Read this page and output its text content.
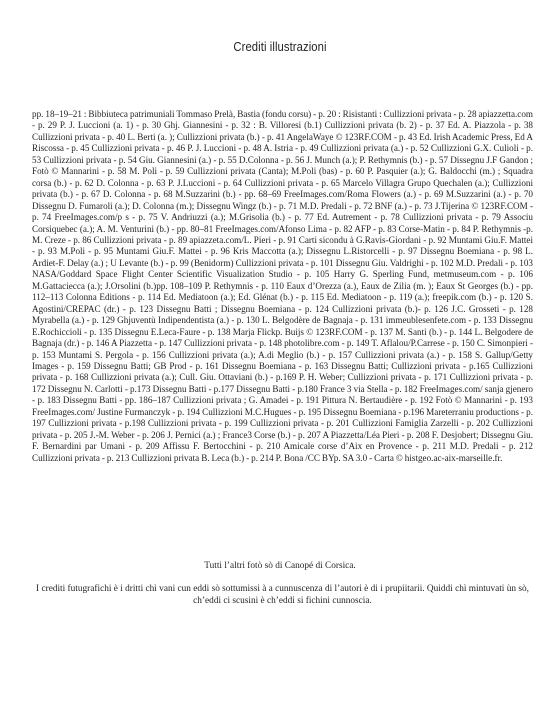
Crediti illustrazioni

pp. 18–19–21 : Bibbiuteca patrimuniali Tommaso Prelà, Bastia (fondu corsu) - p. 20 : Risistanti : Cullizzioni privata - p. 28 apiazzetta.com - p. 29 P. J. Luccioni (a. 1) - p. 30 Ghj. Giannesini - p. 32 : B. Villoresi (b.1) Cullizzioni privata (b. 2) - p. 37 Ed. A. Piazzola - p. 38 Cullizzioni privata - p. 40 L. Berti (a. ); Cullizzioni privata (b.) - p. 41 AngelaWaye © 123RF.COM - p. 43 Ed. Irish Academic Press, Ed A Riscossa - p. 45 Cullizzioni privata - p. 46 P. J. Luccioni - p. 48 A. Istria - p. 49 Cullizzioni privata (a.) - p. 52 Cullizzioni G.X. Culioli - p. 53 Cullizzioni privata - p. 54 Giu. Giannesini (a.) - p. 55 D.Colonna - p. 56 J. Munch (a.); P. Rethymnis (b.) - p. 57 Dissegnu J.F Gandon ; Fotò © Mannarini - p. 58 M. Poli - p. 59 Cullizzioni privata (Canta); M.Poli (bas) - p. 60 P. Pasquier (a.); G. Baldocchi (m.) ; Squadra corsa (b.) - p. 62 D. Colonna - p. 63 P. J.Luccioni - p. 64 Cullizzioni privata - p. 65 Marcelo Villagra Grupo Quechalen (a.); Cullizzioni privata (b.) - p. 67 D. Colonna - p. 68 M.Suzzarini (b.) - pp. 68–69 FreeImages.com/Roma Flowers (a.) - p. 69 M.Suzzarini (a.) - p. 70 Dissegnu D. Fumaroli (a.); D. Colonna (m.); Dissegnu Wingz (b.) - p. 71 M.D. Predali - p. 72 BNF (a.) - p. 73 J.Tijerina © 123RF.COM - p. 74 FreeImages.com/p s - p. 75 V. Andriuzzi (a.); M.Grisolia (b.) - p. 77 Ed. Autrement - p. 78 Cullizzioni privata - p. 79 Associu Corsiquebec (a.); A. M. Venturini (b.) - pp. 80–81 FreeImages.com/Afonso Lima - p. 82 AFP - p. 83 Corse-Matin - p. 84 P. Rethymnis -p. M. Creze - p. 86 Cullizzioni privata - p. 89 apiazzeta.com/L. Pieri - p. 91 Carti sicondu à G.Ravis-Giordani - p. 92 Muntami Giu.F. Mattei - p. 93 M.Poli - p. 95 Muntami Giu.F. Mattei - p. 96 Kris Maccotta (a.); Dissegnu L.Ristorcelli - p. 97 Dissegnu Boemiana - p. 98 L. Ardiet-F. Delay (a.) ; U Levante (b.) - p. 99 (Benidorm) Cullizzioni privata - p. 101 Dissegnu Giu. Valdrighi - p. 102 M.D. Predali - p. 103 NASA/Goddard Space Flight Center Scientific Visualization Studio - p. 105 Harry G. Sperling Fund, metmuseum.com - p. 106 M.Gattaciecca (a.); J.Orsolini (b.)pp. 108–109 P. Rethymnis - p. 110 Eaux d’Orezza (a.), Eaux de Zilia (m. ); Eaux St Georges (b.) - pp. 112–113 Colonna Editions - p. 114 Ed. Mediatoon (a.); Ed. Glénat (b.) - p. 115 Ed. Mediatoon - p. 119 (a.); freepik.com (b.) - p. 120 S. Agostini/CREPAC (dr.) - p. 123 Dissegnu Batti ; Dissegnu Boemiana - p. 124 Cullizzioni privata (b.)- p. 126 J.C. Grosseti - p. 128 Myrabella (a.) - p. 129 Ghjuventù Indipendentista (a.) - p. 130 L. Belgodère de Bagnaja - p. 131 immeublesenfete.com - p. 133 Dissegnu E.Rochiccioli - p. 135 Dissegnu E.Leca-Faure - p. 138 Marja Flickp. Buijs © 123RF.COM - p. 137 M. Santi (b.) - p. 144 L. Belgodere de Bagnaja (dr.) - p. 146 A Piazzetta - p. 147 Cullizzioni privata - p. 148 photolibre.com - p. 149 T. Aflalou/P.Carrese - p. 150 C. Simonpieri - p. 153 Muntami S. Pergola - p. 156 Cullizzioni privata (a.); A.di Meglio (b.) - p. 157 Cullizzioni privata (a.) - p. 158 S. Gallup/Getty Images - p. 159 Dissegnu Batti; GB Prod - p. 161 Dissegnu Boemiana - p. 163 Dissegnu Batti; Cullizzioni privata - p.165 Cullizzioni privata - p. 168 Cullizzioni privata (a.); Cull. Giu. Ottaviani (b.) - p.169 P. H. Weber; Cullizzioni privata - p. 171 Cullizzioni privata - p. 172 Dissegnu N. Carlotti - p.173 Dissegnu Batti - p.177 Dissegnu Batti - p.180 France 3 via Stella - p. 182 FreeImages.com/ sanja gjenero - p. 183 Dissegnu Batti - pp. 186–187 Cullizzioni privata ; G. Amadei - p. 191 Pittura N. Bertaudière - p. 192 Fotò © Mannarini - p. 193 FreeImages.com/ Justine Furmanczyk - p. 194 Cullizzioni M.C.Hugues - p. 195 Dissegnu Boemiana - p.196 Mareterraniu productions - p. 197 Cullizzioni privata - p.198 Cullizzioni privata - p. 199 Cullizzioni privata - p. 201 Cullizzioni Famiglia Zarzelli - p. 202 Cullizzioni privata - p. 205 J.-M. Weber - p. 206 J. Pernici (a.) ; France3 Corse (b.) - p. 207 A Piazzetta/Léa Pieri - p. 208 F. Desjobert; Dissegnu Giu. F. Bernardini par Umani - p. 209 Affissu F. Bertocchini - p. 210 Amicale corse d’Aix en Provence - p. 211 M.D. Predali - p. 212 Cullizzioni privata - p. 213 Cullizzioni privata B. Leca (b.) - p. 214 P. Bona /CC BYp. SA 3.0 - Carta © histgeo.ac-aix-marseille.fr.

Tutti l’altri fotò sò di Canopé di Corsica.

I crediti futugrafichi è i dritti chì vani cun eddi sò sottumissi à a cunnuscenza di l’autori è di i prupiitarii. Quiddi chì mintuvati ùn sò, ch’eddi ci scusini è ch’eddi si fichini cunnoscia.
